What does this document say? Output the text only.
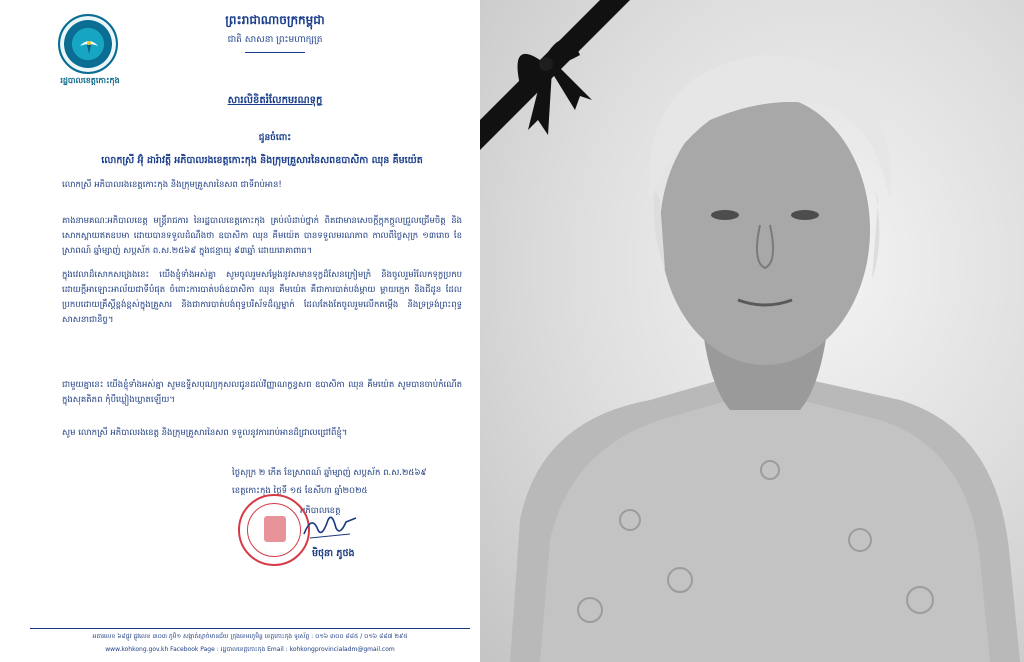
រដ្ឋបាលខេត្តកោះកុង
ព្រះរាជាណាចក្រកម្ពុជា
ជាតិ សាសនា ព្រះមហាក្សត្រ
សារលិខិតរំលែកមរណទុក្ខ
ជូនចំពោះ
លោកស្រី អ៊ុំ ដារ៉ាវត្តី អភិបាលរងខេត្តកោះកុង និងក្រុមគ្រួសារនៃសពឧបាសិកា ឈុន គឹមយ៉េត
លោកស្រី អភិបាលរងខេត្តកោះកុង និងក្រុមគ្រួសារនៃសព ជាទីរាប់អាន!
តាងនាមគណៈអភិបាលខេត្ត មន្ត្រីរាជការ នៃរដ្ឋបាលខេត្តកោះកុង គ្រប់លំដាប់ថ្នាក់ ពិតជាមានសេចក្តីក្តុកក្តួលជ្រួលជ្រើមចិត្ត និងសោកស្តាយឥតឧបមា ដោយបានទទួលដំណឹងថា ឧបាសិកា ឈុន គឹមយ៉េត បានទទួលមរណភាព កាលពីថ្ងៃសុក្រ ១៣រោច ខែស្រាពណ៍ ឆ្នាំម្សាញ់ សប្តស័ក ព.ស.២៥៦៩ ក្នុងជន្មាយុ ៩៣ឆ្នាំ ដោយរោគាពាធ។
ក្នុងវេលាដ៏សោកសង្រេងនេះ យើងខ្ញុំទាំងអស់គ្នា សូមចូលរួមសម្តែងនូវសមានទុក្ខដ៏សែនក្រៀមក្រំ និងចូលរួមរំលែកទុក្ខប្រកបដោយក្តីអាឡោះអាល័យជាទីបំផុត ចំពោះការបាត់បង់ឧបាសិកា ឈុន គឹមយ៉េត គឺជាការបាត់បង់ម្តាយ ម្តាយក្មេក និងជីដូន ដែលប្រកបដោយគ្រឹស្តីខ្ពង់ខ្ពស់ក្នុងគ្រួសារ និងជាការបាត់បង់ពុទ្ធបរិស័ទដ៏ល្អម្នាក់ ដែលតែងតែចូលរួមលើកតម្កើង និងទ្រទ្រង់ព្រះពុទ្ធសាសនាជានិច្ច។
ជាមួយគ្នានេះ យើងខ្ញុំទាំងអស់គ្នា សូមឧទ្ទិសបុណ្យកុសលជូនដល់វិញ្ញាណក្ខន្ធសព ឧបាសិកា ឈុន គឹមយ៉េត សូមបានចាប់កំណើតក្នុងសុគតិភព កុំបីឃ្លៀងឃ្លាតឡើយ។
សូម លោកស្រី អភិបាលរងខេត្ត និងក្រុមគ្រួសារនៃសព ទទួលនូវការរាប់អានដ៏ជ្រាលជ្រៅពីខ្ញុំ។
ថ្ងៃសុក្រ ២ កើត ខែស្រាពណ៍ ឆ្នាំម្សាញ់ សប្តស័ក ព.ស.២៥៦៩
ខេត្តកោះកុង ថ្ងៃទី ១៥ ខែសីហា ឆ្នាំ២០២៥
អភិបាលខេត្ត
មិថុនា ភូថង
អគារលេខ ៦៨ផ្លូវ ផ្លូវលេខ ៣០៣ ភូមិ១ សង្កាត់ស្មាច់មានជ័យ ក្រុងខេមរភូមិន្ទ ខេត្តកោះកុង ទូរស័ព្ទ : ០១៦ ៣០០ ៨៨៥ / ០១៦ ៨៨៧ ២៩៥
www.kohkong.gov.kh Facebook Page : រដ្ឋបាលខេត្តកោះកុង Email : kohkongprovincialadm@gmail.com
